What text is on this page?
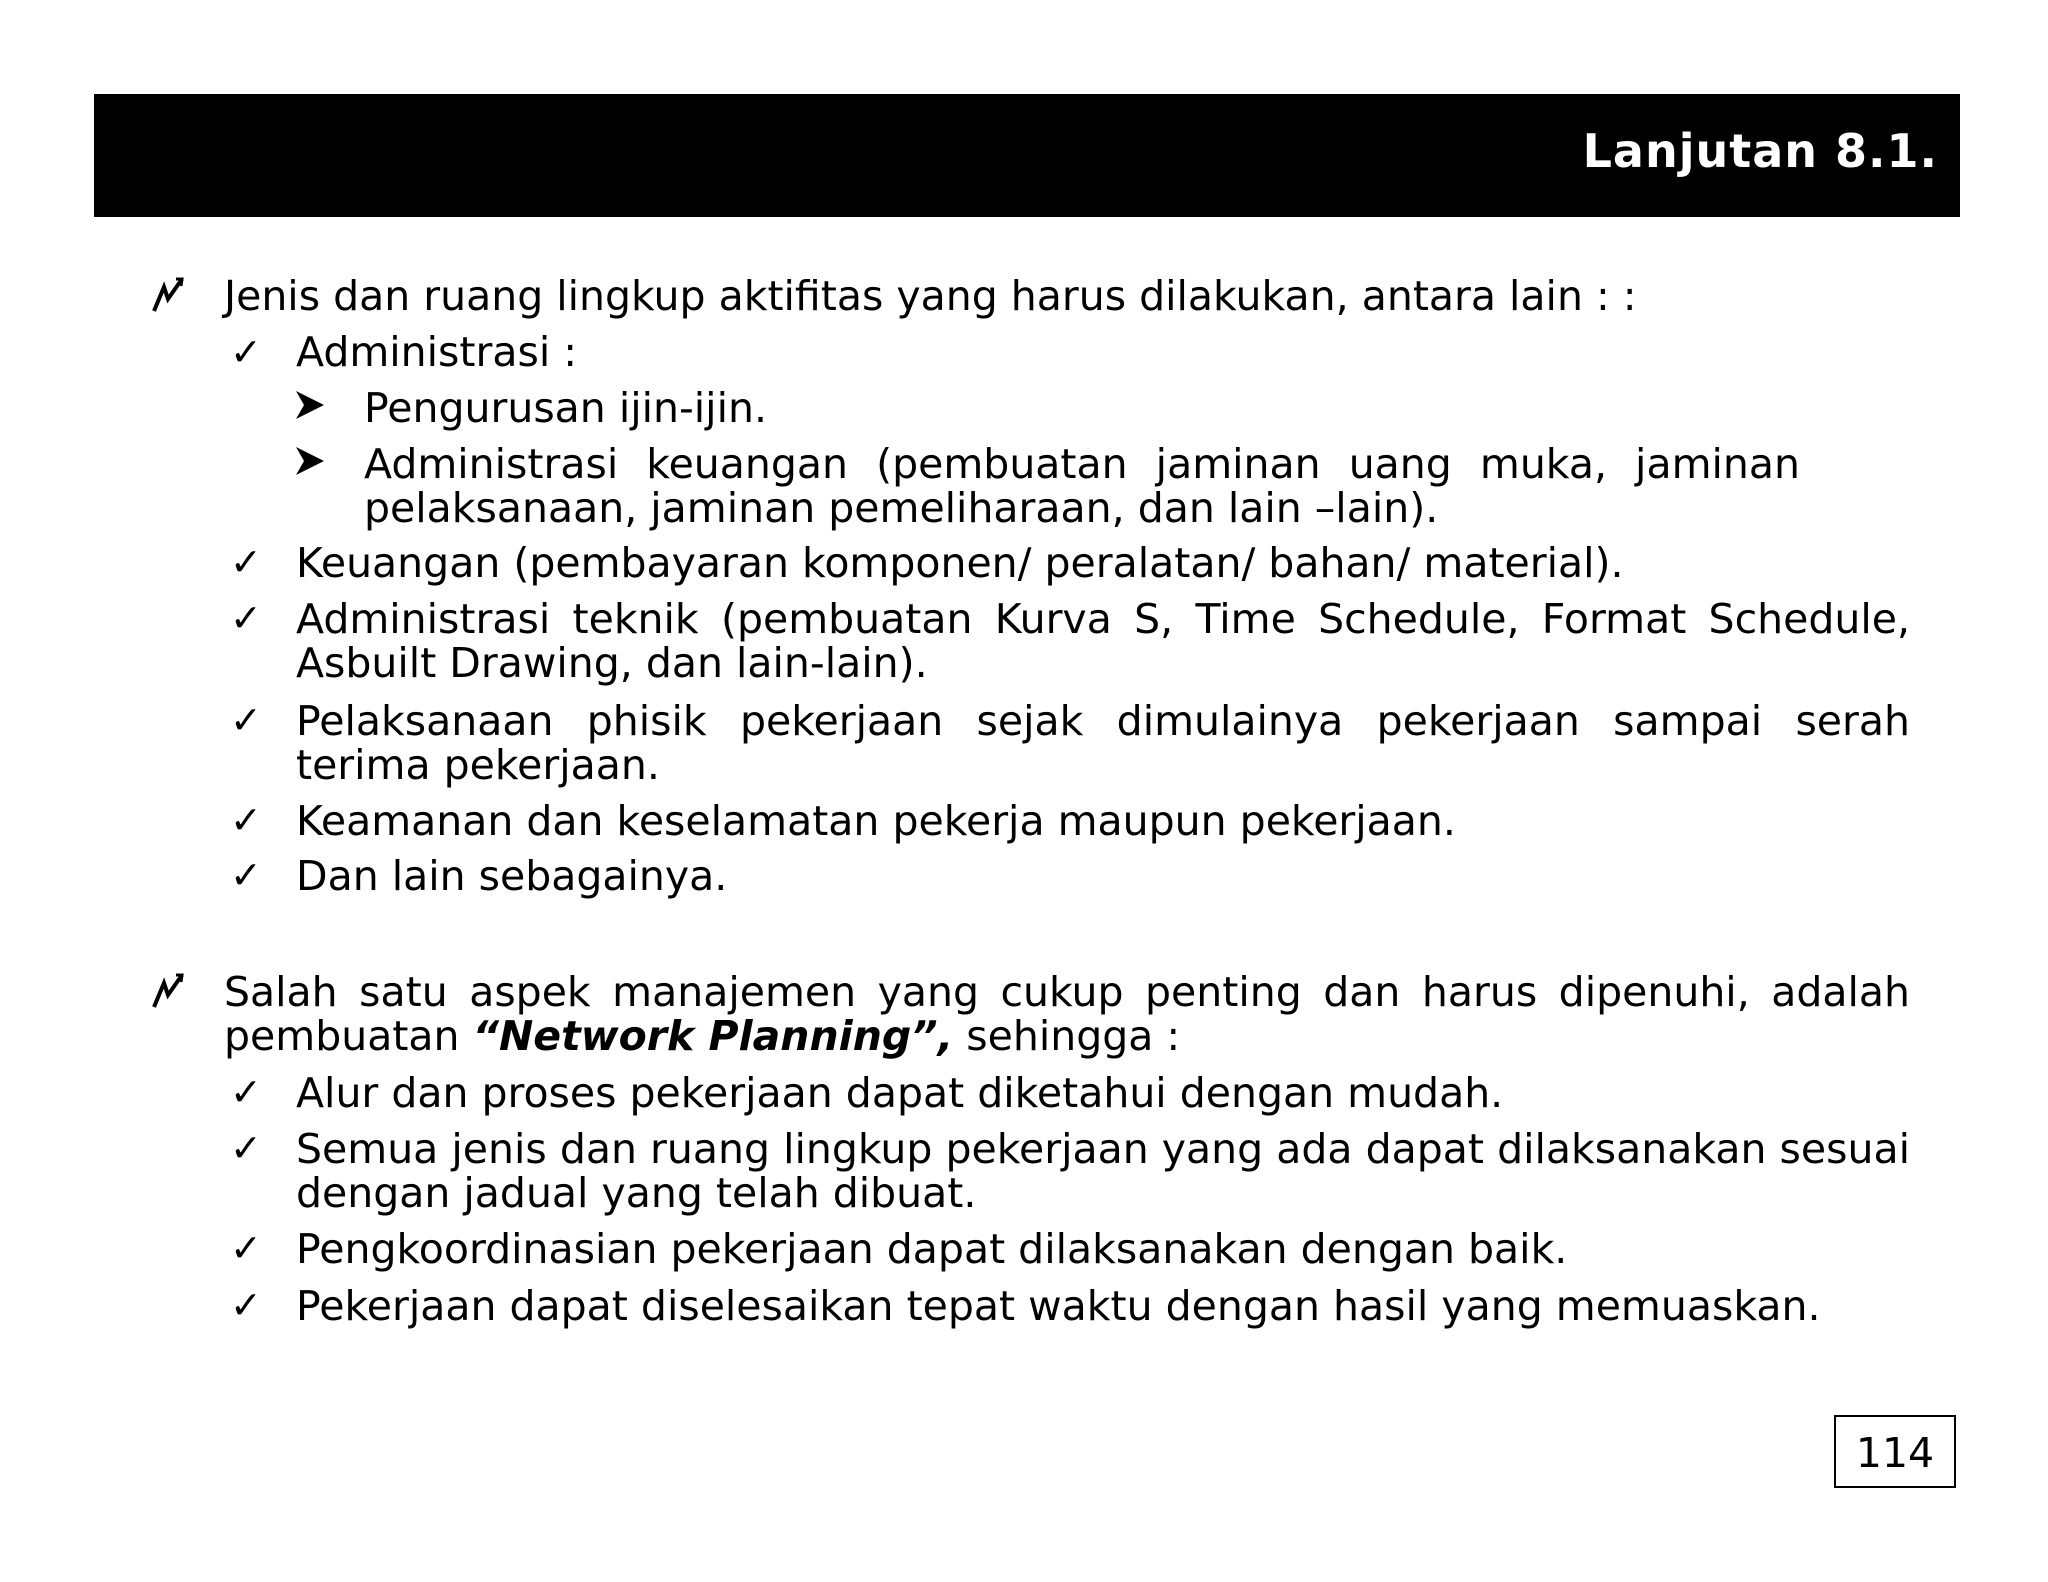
Lanjutan 8.1.
Jenis dan ruang lingkup aktifitas yang harus dilakukan, antara lain : :
✓ Administrasi :
Pengurusan ijin-ijin.
Administrasi keuangan (pembuatan jaminan uang muka, jaminan pelaksanaan, jaminan pemeliharaan, dan lain –lain).
✓ Keuangan (pembayaran komponen/ peralatan/ bahan/ material).
✓ Administrasi teknik (pembuatan Kurva S, Time Schedule, Format Schedule, Asbuilt Drawing, dan lain-lain).
✓ Pelaksanaan phisik pekerjaan sejak dimulainya pekerjaan sampai serah terima pekerjaan.
✓ Keamanan dan keselamatan pekerja maupun pekerjaan.
✓ Dan lain sebagainya.
Salah satu aspek manajemen yang cukup penting dan harus dipenuhi, adalah pembuatan “Network Planning”, sehingga :
✓ Alur dan proses pekerjaan dapat diketahui dengan mudah.
✓ Semua jenis dan ruang lingkup pekerjaan yang ada dapat dilaksanakan sesuai dengan jadual yang telah dibuat.
✓ Pengkoordinasian pekerjaan dapat dilaksanakan dengan baik.
✓ Pekerjaan dapat diselesaikan tepat waktu dengan hasil yang memuaskan.
114
